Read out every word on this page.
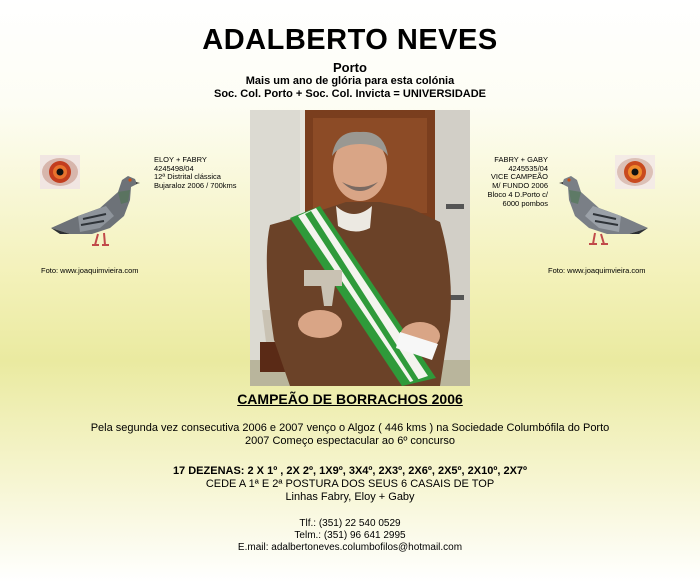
ADALBERTO NEVES
Porto
Mais um ano de glória para esta colónia
Soc. Col. Porto + Soc. Col. Invicta = UNIVERSIDADE
ELOY + FABRY
4245498/04
12ª Distrital clássica
Bujaraloz 2006 / 700kms
Foto: www.joaquimvieira.com
FABRY + GABY
4245535/04
VICE CAMPEÃO
M/ FUNDO 2006
Bloco 4 D.Porto c/
6000 pombos
Foto: www.joaquimvieira.com
CAMPEÃO DE BORRACHOS 2006
Pela segunda vez consecutiva 2006 e 2007 venço o Algoz ( 446 kms ) na Sociedade Columbófila do Porto
2007 Começo espectacular ao 6º concurso
17 DEZENAS: 2 X 1º , 2X 2º, 1X9º, 3X4º, 2X3º, 2X6º, 2X5º, 2X10º, 2X7º
CEDE A 1ª E 2ª POSTURA DOS SEUS 6 CASAIS DE TOP
Linhas Fabry, Eloy + Gaby
Tlf.: (351) 22 540 0529
Telm.: (351) 96 641 2995
E.mail: adalbertoneves.columbofilos@hotmail.com
